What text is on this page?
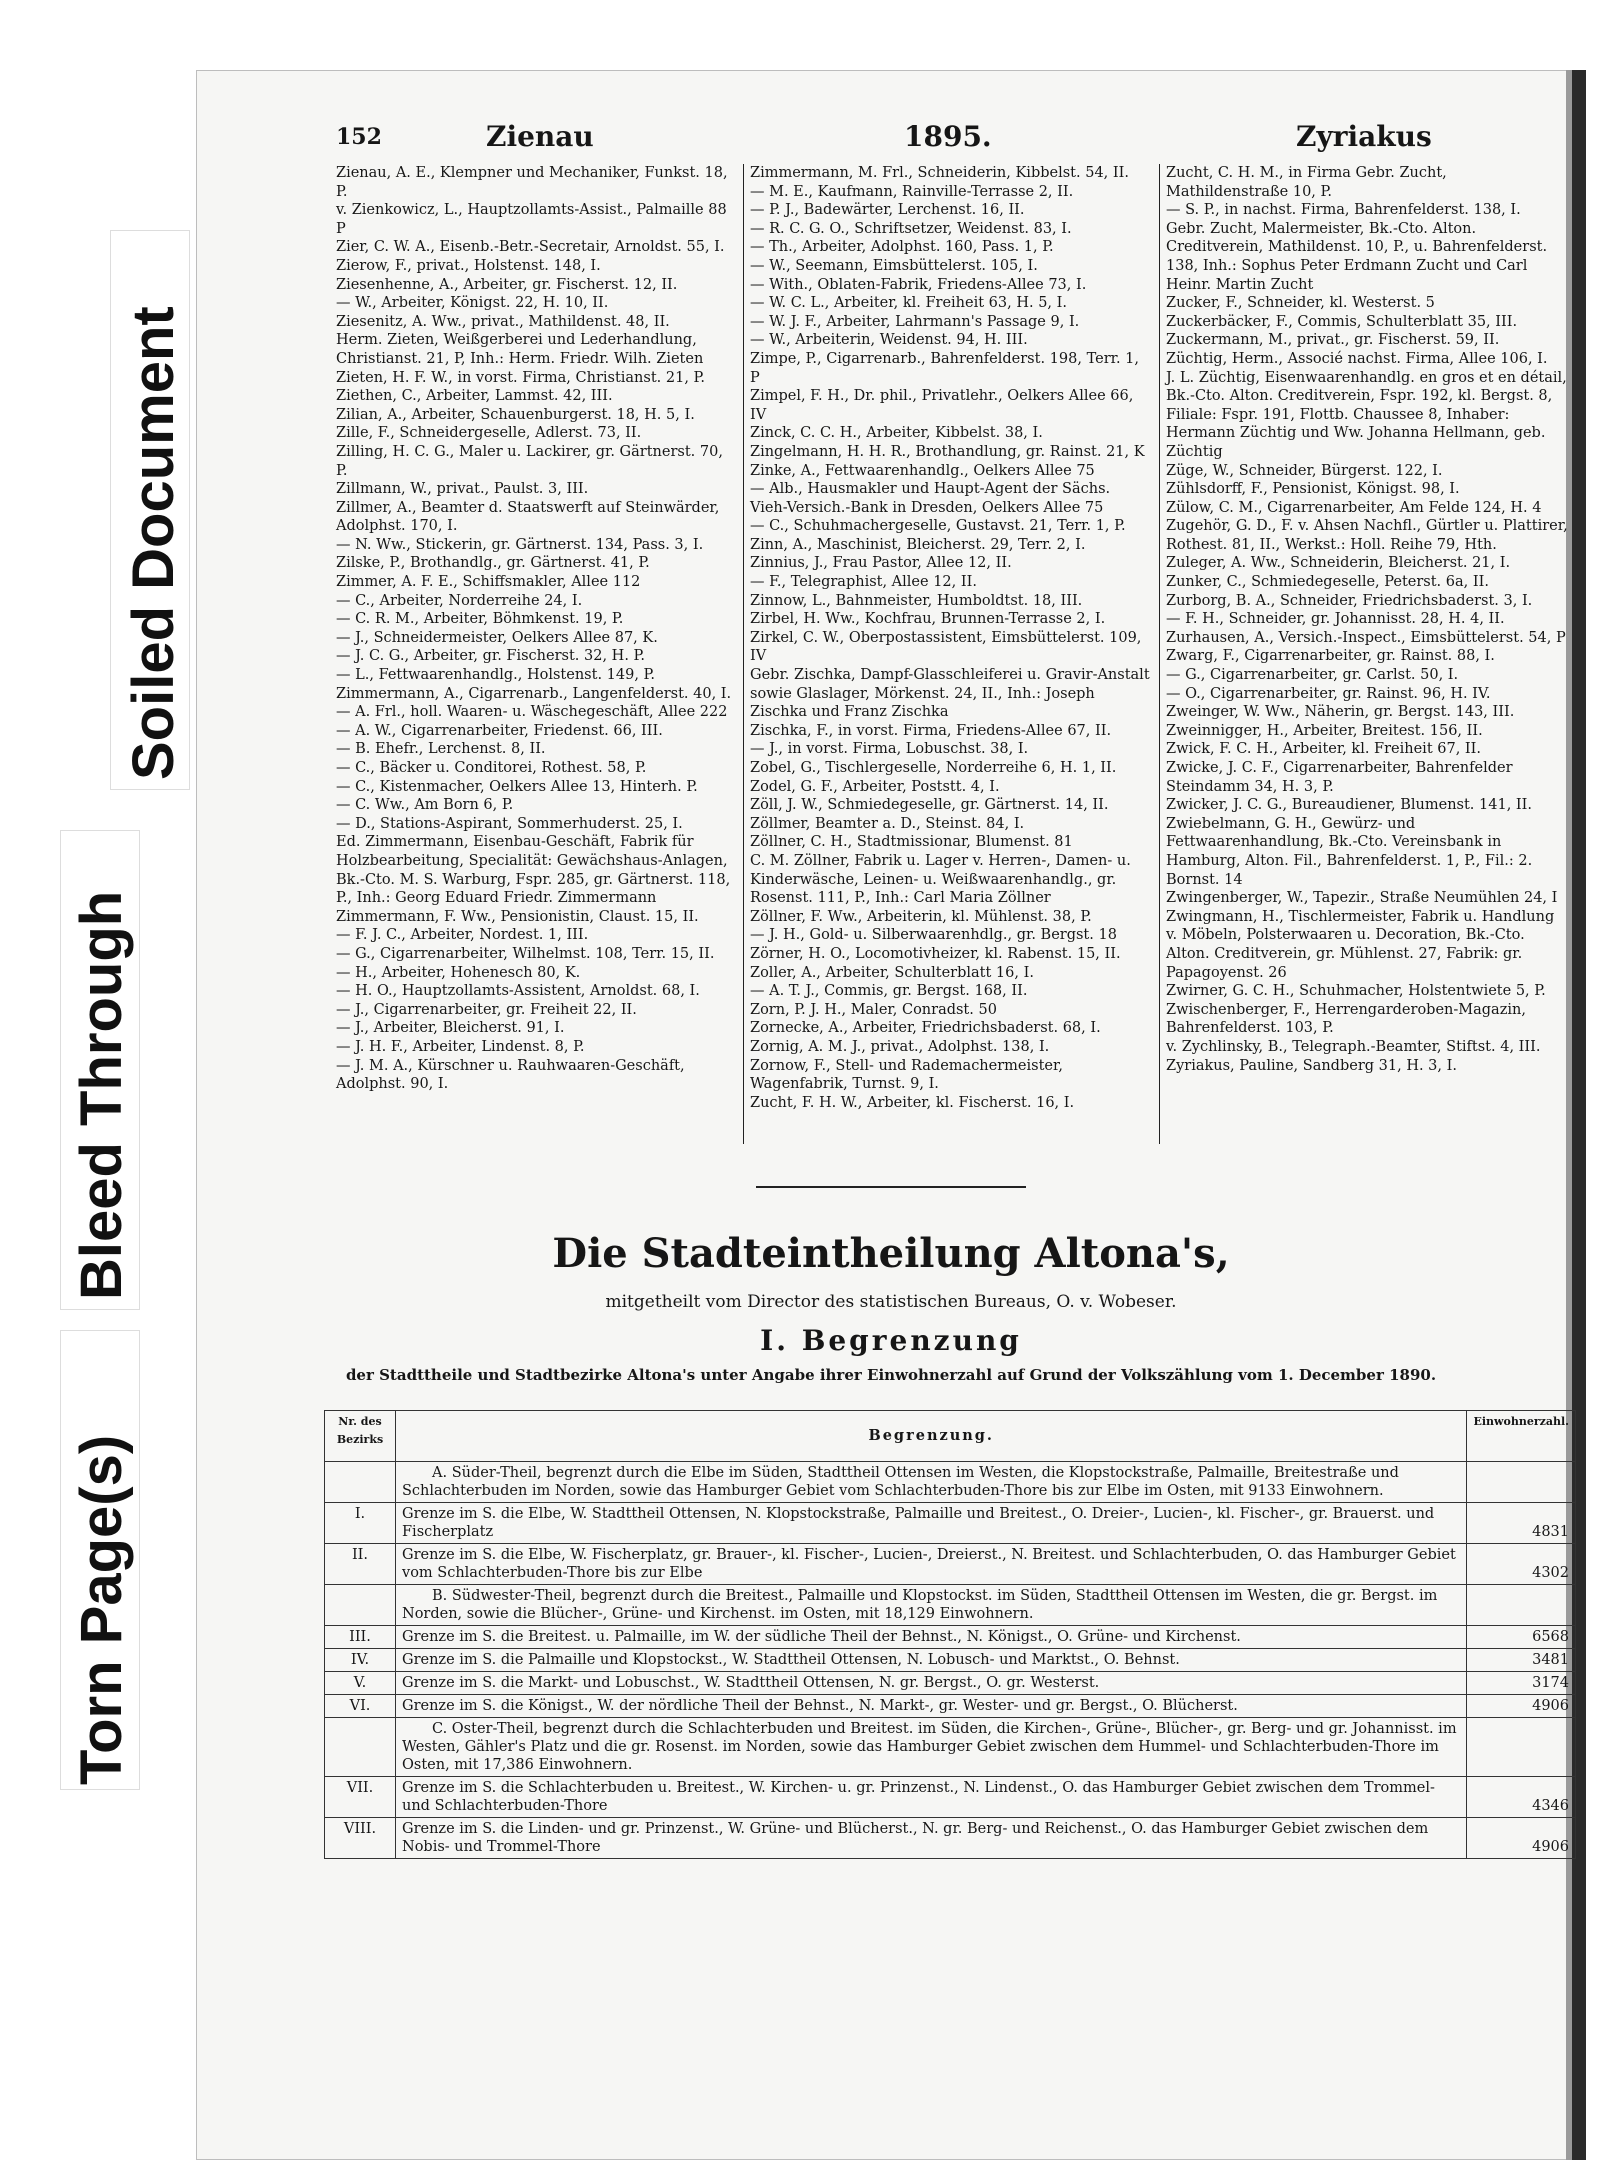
Torn Page(s)
Bleed Through
Soiled Document
152	Zienau	1895.	Zyriakus
Zienau, A. E., Klempner und Mechaniker, Funkst. 18, P.
v. Zienkowicz, L., Hauptzollamts-Assist., Palmaille 88 P
Zier, C. W. A., Eisenb.-Betr.-Secretair, Arnoldst. 55, I.
Zierow, F., privat., Holstenst. 148, I.
Ziesenhenne, A., Arbeiter, gr. Fischerst. 12, II.
— W., Arbeiter, Königst. 22, H. 10, II.
Ziesenitz, A. Ww., privat., Mathildenst. 48, II.
Herm. Zieten, Weißgerberei und Lederhandlung, Christianst. 21, P, Inh.: Herm. Friedr. Wilh. Zieten
Zieten, H. F. W., in vorst. Firma, Christianst. 21, P.
Ziethen, C., Arbeiter, Lammst. 42, III.
Zilian, A., Arbeiter, Schauenburgerst. 18, H. 5, I.
Zille, F., Schneidergeselle, Adlerst. 73, II.
Zilling, H. C. G., Maler u. Lackirer, gr. Gärtnerst. 70, P.
Zillmann, W., privat., Paulst. 3, III.
Zillmer, A., Beamter d. Staatswerft auf Steinwärder, Adolphst. 170, I.
— N. Ww., Stickerin, gr. Gärtnerst. 134, Pass. 3, I.
Zilske, P., Brothandlg., gr. Gärtnerst. 41, P.
Zimmer, A. F. E., Schiffsmakler, Allee 112
— C., Arbeiter, Norderreihe 24, I.
— C. R. M., Arbeiter, Böhmkenst. 19, P.
— J., Schneidermeister, Oelkers Allee 87, K.
— J. C. G., Arbeiter, gr. Fischerst. 32, H. P.
— L., Fettwaarenhandlg., Holstenst. 149, P.
Zimmermann, A., Cigarrenarb., Langenfelderst. 40, I.
— A. Frl., holl. Waaren- u. Wäschegeschäft, Allee 222
— A. W., Cigarrenarbeiter, Friedenst. 66, III.
— B. Ehefr., Lerchenst. 8, II.
— C., Bäcker u. Conditorei, Rothest. 58, P.
— C., Kistenmacher, Oelkers Allee 13, Hinterh. P.
— C. Ww., Am Born 6, P.
— D., Stations-Aspirant, Sommerhuderst. 25, I.
Ed. Zimmermann, Eisenbau-Geschäft, Fabrik für Holzbearbeitung, Specialität: Gewächshaus-Anlagen, Bk.-Cto. M. S. Warburg, Fspr. 285, gr. Gärtnerst. 118, P., Inh.: Georg Eduard Friedr. Zimmermann
Zimmermann, F. Ww., Pensionistin, Claust. 15, II.
— F. J. C., Arbeiter, Nordest. 1, III.
— G., Cigarrenarbeiter, Wilhelmst. 108, Terr. 15, II.
— H., Arbeiter, Hohenesch 80, K.
— H. O., Hauptzollamts-Assistent, Arnoldst. 68, I.
— J., Cigarrenarbeiter, gr. Freiheit 22, II.
— J., Arbeiter, Bleicherst. 91, I.
— J. H. F., Arbeiter, Lindenst. 8, P.
— J. M. A., Kürschner u. Rauhwaaren-Geschäft, Adolphst. 90, I.
Zimmermann, M. Frl., Schneiderin, Kibbelst. 54, II.
— M. E., Kaufmann, Rainville-Terrasse 2, II.
— P. J., Badewärter, Lerchenst. 16, II.
— R. C. G. O., Schriftsetzer, Weidenst. 83, I.
— Th., Arbeiter, Adolphst. 160, Pass. 1, P.
— W., Seemann, Eimsbüttelerst. 105, I.
— With., Oblaten-Fabrik, Friedens-Allee 73, I.
— W. C. L., Arbeiter, kl. Freiheit 63, H. 5, I.
— W. J. F., Arbeiter, Lahrmann's Passage 9, I.
— W., Arbeiterin, Weidenst. 94, H. III.
Zimpe, P., Cigarrenarb., Bahrenfelderst. 198, Terr. 1, P
Zimpel, F. H., Dr. phil., Privatlehr., Oelkers Allee 66, IV
Zinck, C. C. H., Arbeiter, Kibbelst. 38, I.
Zingelmann, H. H. R., Brothandlung, gr. Rainst. 21, K
Zinke, A., Fettwaarenhandlg., Oelkers Allee 75
— Alb., Hausmakler und Haupt-Agent der Sächs. Vieh-Versich.-Bank in Dresden, Oelkers Allee 75
— C., Schuhmachergeselle, Gustavst. 21, Terr. 1, P.
Zinn, A., Maschinist, Bleicherst. 29, Terr. 2, I.
Zinnius, J., Frau Pastor, Allee 12, II.
— F., Telegraphist, Allee 12, II.
Zinnow, L., Bahnmeister, Humboldtst. 18, III.
Zirbel, H. Ww., Kochfrau, Brunnen-Terrasse 2, I.
Zirkel, C. W., Oberpostassistent, Eimsbüttelerst. 109, IV
Gebr. Zischka, Dampf-Glasschleiferei u. Gravir-Anstalt sowie Glaslager, Mörkenst. 24, II., Inh.: Joseph Zischka und Franz Zischka
Zischka, F., in vorst. Firma, Friedens-Allee 67, II.
— J., in vorst. Firma, Lobuschst. 38, I.
Zobel, G., Tischlergeselle, Norderreihe 6, H. 1, II.
Zodel, G. F., Arbeiter, Poststt. 4, I.
Zöll, J. W., Schmiedegeselle, gr. Gärtnerst. 14, II.
Zöllmer, Beamter a. D., Steinst. 84, I.
Zöllner, C. H., Stadtmissionar, Blumenst. 81
C. M. Zöllner, Fabrik u. Lager v. Herren-, Damen- u. Kinderwäsche, Leinen- u. Weißwaarenhandlg., gr. Rosenst. 111, P., Inh.: Carl Maria Zöllner
Zöllner, F. Ww., Arbeiterin, kl. Mühlenst. 38, P.
— J. H., Gold- u. Silberwaarenhdlg., gr. Bergst. 18
Zörner, H. O., Locomotivheizer, kl. Rabenst. 15, II.
Zoller, A., Arbeiter, Schulterblatt 16, I.
— A. T. J., Commis, gr. Bergst. 168, II.
Zorn, P. J. H., Maler, Conradst. 50
Zornecke, A., Arbeiter, Friedrichsbaderst. 68, I.
Zornig, A. M. J., privat., Adolphst. 138, I.
Zornow, F., Stell- und Rademachermeister, Wagenfabrik, Turnst. 9, I.
Zucht, F. H. W., Arbeiter, kl. Fischerst. 16, I.
Zucht, C. H. M., in Firma Gebr. Zucht, Mathildenstraße 10, P.
— S. P., in nachst. Firma, Bahrenfelderst. 138, I.
Gebr. Zucht, Malermeister, Bk.-Cto. Alton. Creditverein, Mathildenst. 10, P., u. Bahrenfelderst. 138, Inh.: Sophus Peter Erdmann Zucht und Carl Heinr. Martin Zucht
Zucker, F., Schneider, kl. Westerst. 5
Zuckerbäcker, F., Commis, Schulterblatt 35, III.
Zuckermann, M., privat., gr. Fischerst. 59, II.
Züchtig, Herm., Associé nachst. Firma, Allee 106, I.
J. L. Züchtig, Eisenwaarenhandlg. en gros et en détail, Bk.-Cto. Alton. Creditverein, Fspr. 192, kl. Bergst. 8, Filiale: Fspr. 191, Flottb. Chaussee 8, Inhaber: Hermann Züchtig und Ww. Johanna Hellmann, geb. Züchtig
Züge, W., Schneider, Bürgerst. 122, I.
Zühlsdorff, F., Pensionist, Königst. 98, I.
Zülow, C. M., Cigarrenarbeiter, Am Felde 124, H. 4
Zugehör, G. D., F. v. Ahsen Nachfl., Gürtler u. Plattirer, Rothest. 81, II., Werkst.: Holl. Reihe 79, Hth.
Zuleger, A. Ww., Schneiderin, Bleicherst. 21, I.
Zunker, C., Schmiedegeselle, Peterst. 6a, II.
Zurborg, B. A., Schneider, Friedrichsbaderst. 3, I.
— F. H., Schneider, gr. Johannisst. 28, H. 4, II.
Zurhausen, A., Versich.-Inspect., Eimsbüttelerst. 54, P
Zwarg, F., Cigarrenarbeiter, gr. Rainst. 88, I.
— G., Cigarrenarbeiter, gr. Carlst. 50, I.
— O., Cigarrenarbeiter, gr. Rainst. 96, H. IV.
Zweinger, W. Ww., Näherin, gr. Bergst. 143, III.
Zweinnigger, H., Arbeiter, Breitest. 156, II.
Zwick, F. C. H., Arbeiter, kl. Freiheit 67, II.
Zwicke, J. C. F., Cigarrenarbeiter, Bahrenfelder Steindamm 34, H. 3, P.
Zwicker, J. C. G., Bureaudiener, Blumenst. 141, II.
Zwiebelmann, G. H., Gewürz- und Fettwaarenhandlung, Bk.-Cto. Vereinsbank in Hamburg, Alton. Fil., Bahrenfelderst. 1, P., Fil.: 2. Bornst. 14
Zwingenberger, W., Tapezir., Straße Neumühlen 24, I
Zwingmann, H., Tischlermeister, Fabrik u. Handlung v. Möbeln, Polsterwaaren u. Decoration, Bk.-Cto. Alton. Creditverein, gr. Mühlenst. 27, Fabrik: gr. Papagoyenst. 26
Zwirner, G. C. H., Schuhmacher, Holstentwiete 5, P.
Zwischenberger, F., Herrengarderoben-Magazin, Bahrenfelderst. 103, P.
v. Zychlinsky, B., Telegraph.-Beamter, Stiftst. 4, III.
Zyriakus, Pauline, Sandberg 31, H. 3, I.
Die Stadteintheilung Altona's,
mitgetheilt vom Director des statistischen Bureaus, O. v. Wobeser.
I. Begrenzung
der Stadttheile und Stadtbezirke Altona's unter Angabe ihrer Einwohnerzahl auf Grund der Volkszählung vom 1. December 1890.
Nr. des Bezirks	Begrenzung.	Einwohnerzahl.
	A. Süder-Theil, begrenzt durch die Elbe im Süden, Stadttheil Ottensen im Westen, die Klopstockstraße, Palmaille, Breitestraße und Schlachterbuden im Norden, sowie das Hamburger Gebiet vom Schlachterbuden-Thore bis zur Elbe im Osten, mit 9133 Einwohnern.	
I.	Grenze im S. die Elbe, W. Stadttheil Ottensen, N. Klopstockstraße, Palmaille und Breitest., O. Dreier-, Lucien-, kl. Fischer-, gr. Brauerst. und Fischerplatz	4831
II.	Grenze im S. die Elbe, W. Fischerplatz, gr. Brauer-, kl. Fischer-, Lucien-, Dreierst., N. Breitest. und Schlachterbuden, O. das Hamburger Gebiet vom Schlachterbuden-Thore bis zur Elbe	4302
	B. Südwester-Theil, begrenzt durch die Breitest., Palmaille und Klopstockst. im Süden, Stadttheil Ottensen im Westen, die gr. Bergst. im Norden, sowie die Blücher-, Grüne- und Kirchenst. im Osten, mit 18,129 Einwohnern.	
III.	Grenze im S. die Breitest. u. Palmaille, im W. der südliche Theil der Behnst., N. Königst., O. Grüne- und Kirchenst.	6568
IV.	Grenze im S. die Palmaille und Klopstockst., W. Stadttheil Ottensen, N. Lobusch- und Marktst., O. Behnst.	3481
V.	Grenze im S. die Markt- und Lobuschst., W. Stadttheil Ottensen, N. gr. Bergst., O. gr. Westerst.	3174
VI.	Grenze im S. die Königst., W. der nördliche Theil der Behnst., N. Markt-, gr. Wester- und gr. Bergst., O. Blücherst.	4906
	C. Oster-Theil, begrenzt durch die Schlachterbuden und Breitest. im Süden, die Kirchen-, Grüne-, Blücher-, gr. Berg- und gr. Johannisst. im Westen, Gähler's Platz und die gr. Rosenst. im Norden, sowie das Hamburger Gebiet zwischen dem Hummel- und Schlachterbuden-Thore im Osten, mit 17,386 Einwohnern.	
VII.	Grenze im S. die Schlachterbuden u. Breitest., W. Kirchen- u. gr. Prinzenst., N. Lindenst., O. das Hamburger Gebiet zwischen dem Trommel- und Schlachterbuden-Thore	4346
VIII.	Grenze im S. die Linden- und gr. Prinzenst., W. Grüne- und Blücherst., N. gr. Berg- und Reichenst., O. das Hamburger Gebiet zwischen dem Nobis- und Trommel-Thore	4906
